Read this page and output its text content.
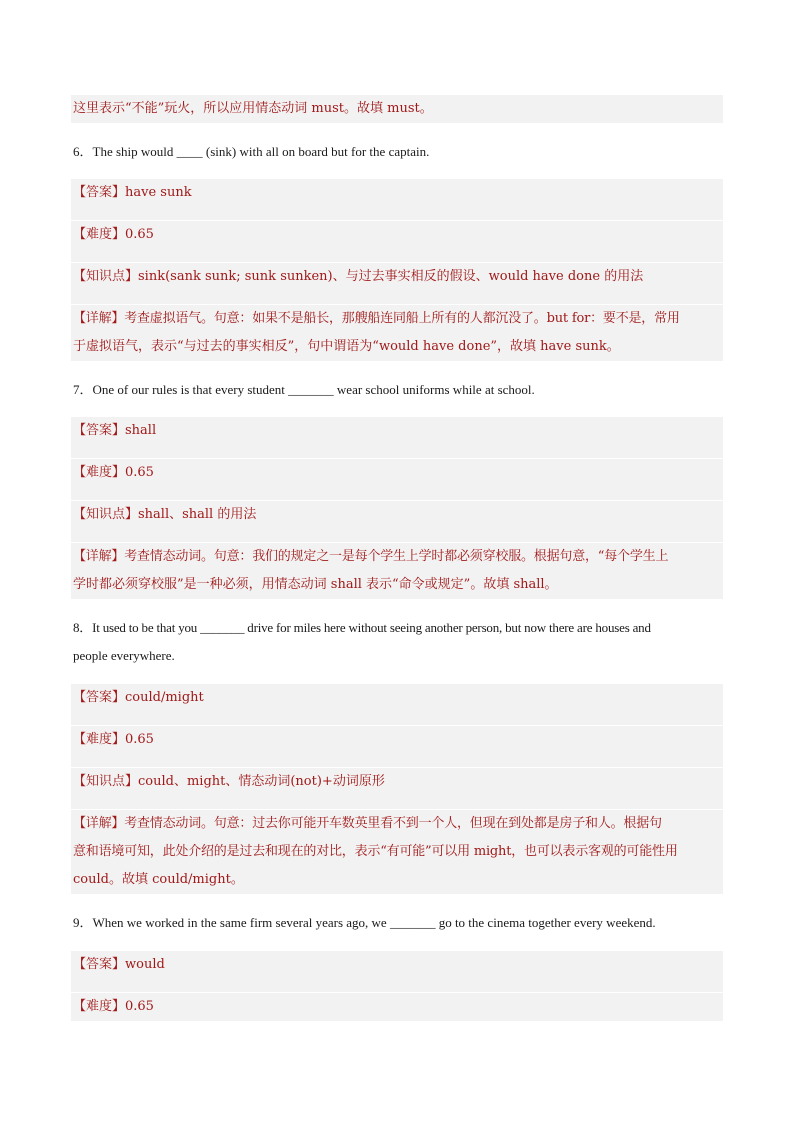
这里表示“不能”玩火，所以应用情态动词 must。故填 must。
6．The ship would ____ (sink) with all on board but for the captain.
【答案】have sunk
【难度】0.65
【知识点】sink(sank sunk; sunk sunken)、与过去事实相反的假设、would have done 的用法
【详解】考查虚拟语气。句意：如果不是船长，那艘船连同船上所有的人都沉没了。but for：要不是，常用
于虚拟语气，表示“与过去的事实相反”，句中谓语为“would have done”，故填 have sunk。
7．One of our rules is that every student _______ wear school uniforms while at school.
【答案】shall
【难度】0.65
【知识点】shall、shall 的用法
【详解】考查情态动词。句意：我们的规定之一是每个学生上学时都必须穿校服。根据句意，“每个学生上
学时都必须穿校服”是一种必须，用情态动词 shall 表示“命令或规定”。故填 shall。
8．It used to be that you _______ drive for miles here without seeing another person, but now there are houses and
people everywhere.
【答案】could/might
【难度】0.65
【知识点】could、might、情态动词(not)+动词原形
【详解】考查情态动词。句意：过去你可能开车数英里看不到一个人，但现在到处都是房子和人。根据句
意和语境可知，此处介绍的是过去和现在的对比，表示“有可能”可以用 might，也可以表示客观的可能性用
could。故填 could/might。
9．When we worked in the same firm several years ago, we _______ go to the cinema together every weekend.
【答案】would
【难度】0.65
